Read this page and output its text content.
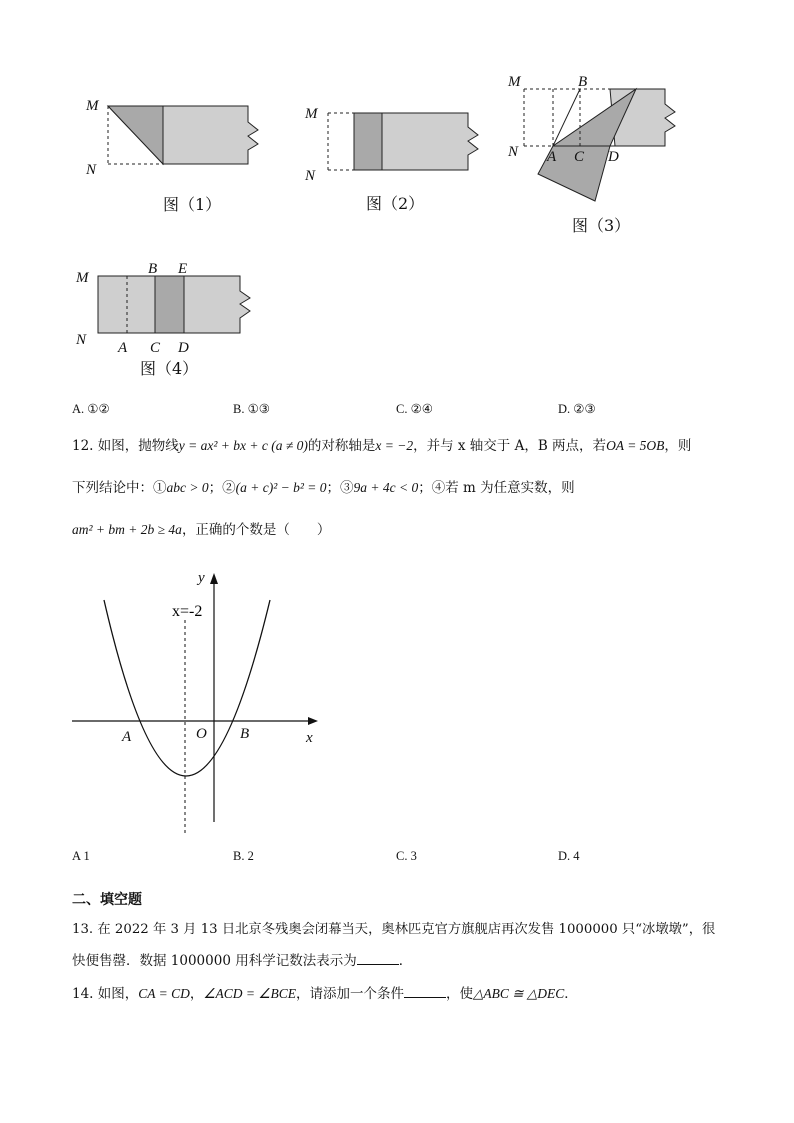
M
N
图（1）
M
N
图（2）
M
N
B
A C D
图（3）
M
N
B E
A C D
图（4）
A. ①②	B. ①③	C. ②④	D. ②③
12. 如图，抛物线y = ax² + bx + c (a ≠ 0)的对称轴是x = −2，并与 x 轴交于 A，B 两点，若OA = 5OB，则
下列结论中：①abc > 0；②(a + c)² − b² = 0；③9a + 4c < 0；④若 m 为任意实数，则
am² + bm + 2b ≥ 4a，正确的个数是（　　）
y
x
x=-2
A	O B
A 1	B. 2	C. 3	D. 4
二、填空题
13. 在 2022 年 3 月 13 日北京冬残奥会闭幕当天，奥林匹克官方旗舰店再次发售 1000000 只“冰墩墩”，很
快便售罄．数据 1000000 用科学记数法表示为	．
14. 如图，CA = CD，∠ACD = ∠BCE，请添加一个条件	，使△ABC ≅ △DEC．
